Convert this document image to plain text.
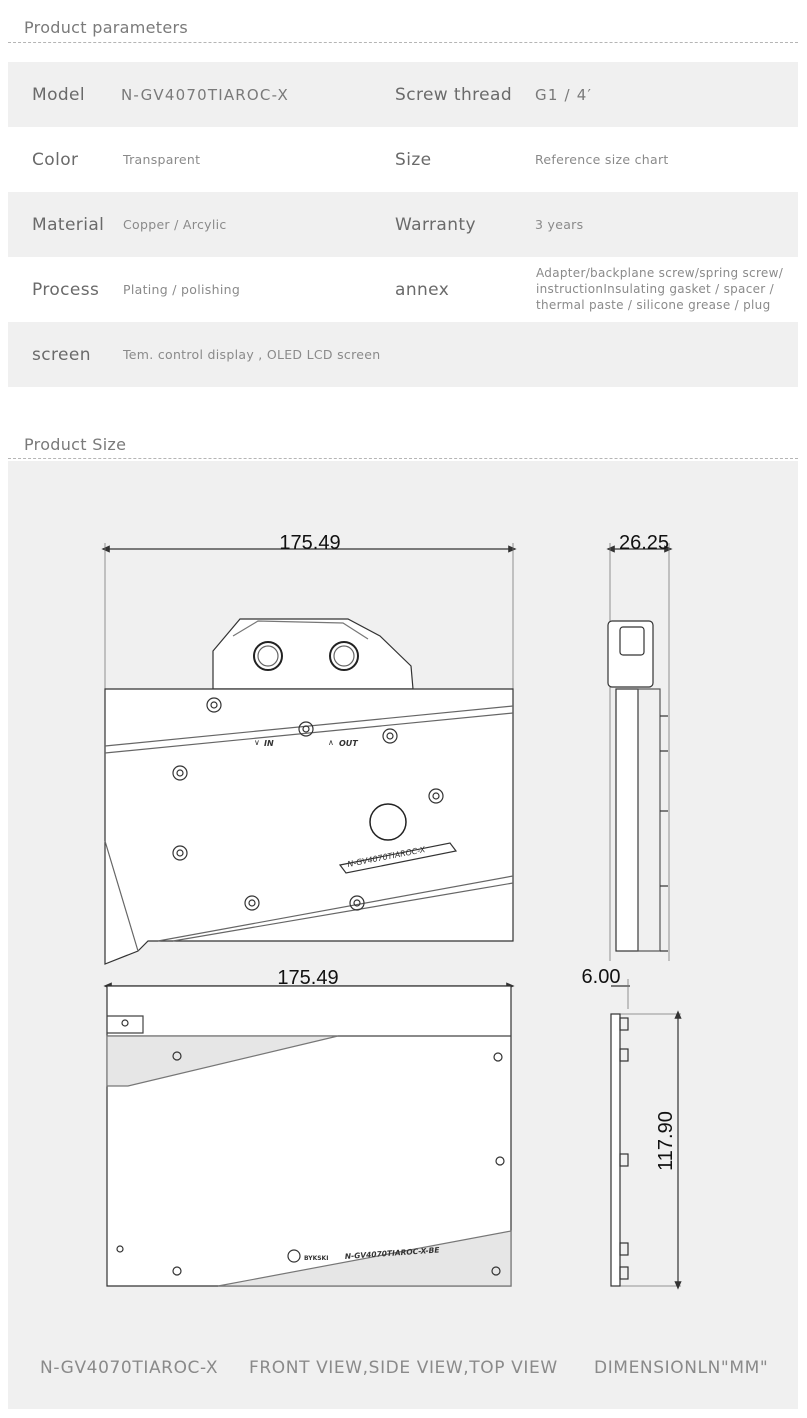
Product parameters
Model N-GV4070TIAROC-X	Screw thread G1 / 4′
Color	Transparent	Size	Reference size chart
Material Copper / Arcylic	Warranty	3 years
Process Plating / polishing	annex
Adapter/backplane screw/spring screw/
instructionInsulating gasket / spacer /
thermal paste / silicone grease / plug
screen	Tem. control display , OLED LCD screen
Product Size
N-GV4070TIAROC-X
∨ IN	∧ OUT
175.49	26.25
BYKSKI N-GV4070TIAROC-X-BE
175.49	6.00
117.90
N-GV4070TIAROC-X FRONT VIEW,SIDE VIEW,TOP VIEW DIMENSIONLN"MM"
